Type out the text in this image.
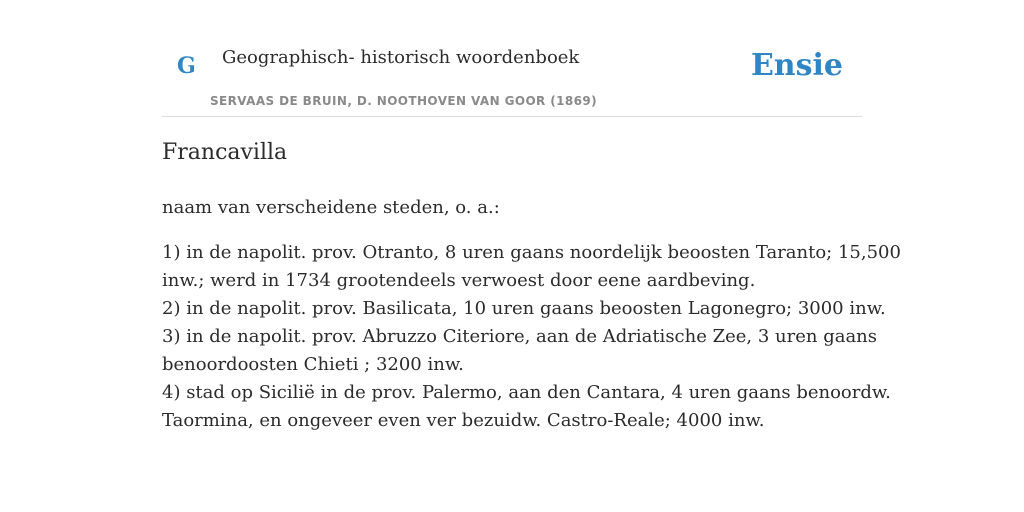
G Geographisch- historisch woordenboek
SERVAAS DE BRUIN, D. NOOTHOVEN VAN GOOR (1869)
Ensie
Francavilla
naam van verscheidene steden, o. a.:
1) in de napolit. prov. Otranto, 8 uren gaans noordelijk beoosten Taranto; 15,500
inw.; werd in 1734 grootendeels verwoest door eene aardbeving.
2) in de napolit. prov. Basilicata, 10 uren gaans beoosten Lagonegro; 3000 inw.
3) in de napolit. prov. Abruzzo Citeriore, aan de Adriatische Zee, 3 uren gaans
benoordoosten Chieti ; 3200 inw.
4) stad op Sicilië in de prov. Palermo, aan den Cantara, 4 uren gaans benoordw.
Taormina, en ongeveer even ver bezuidw. Castro-Reale; 4000 inw.
